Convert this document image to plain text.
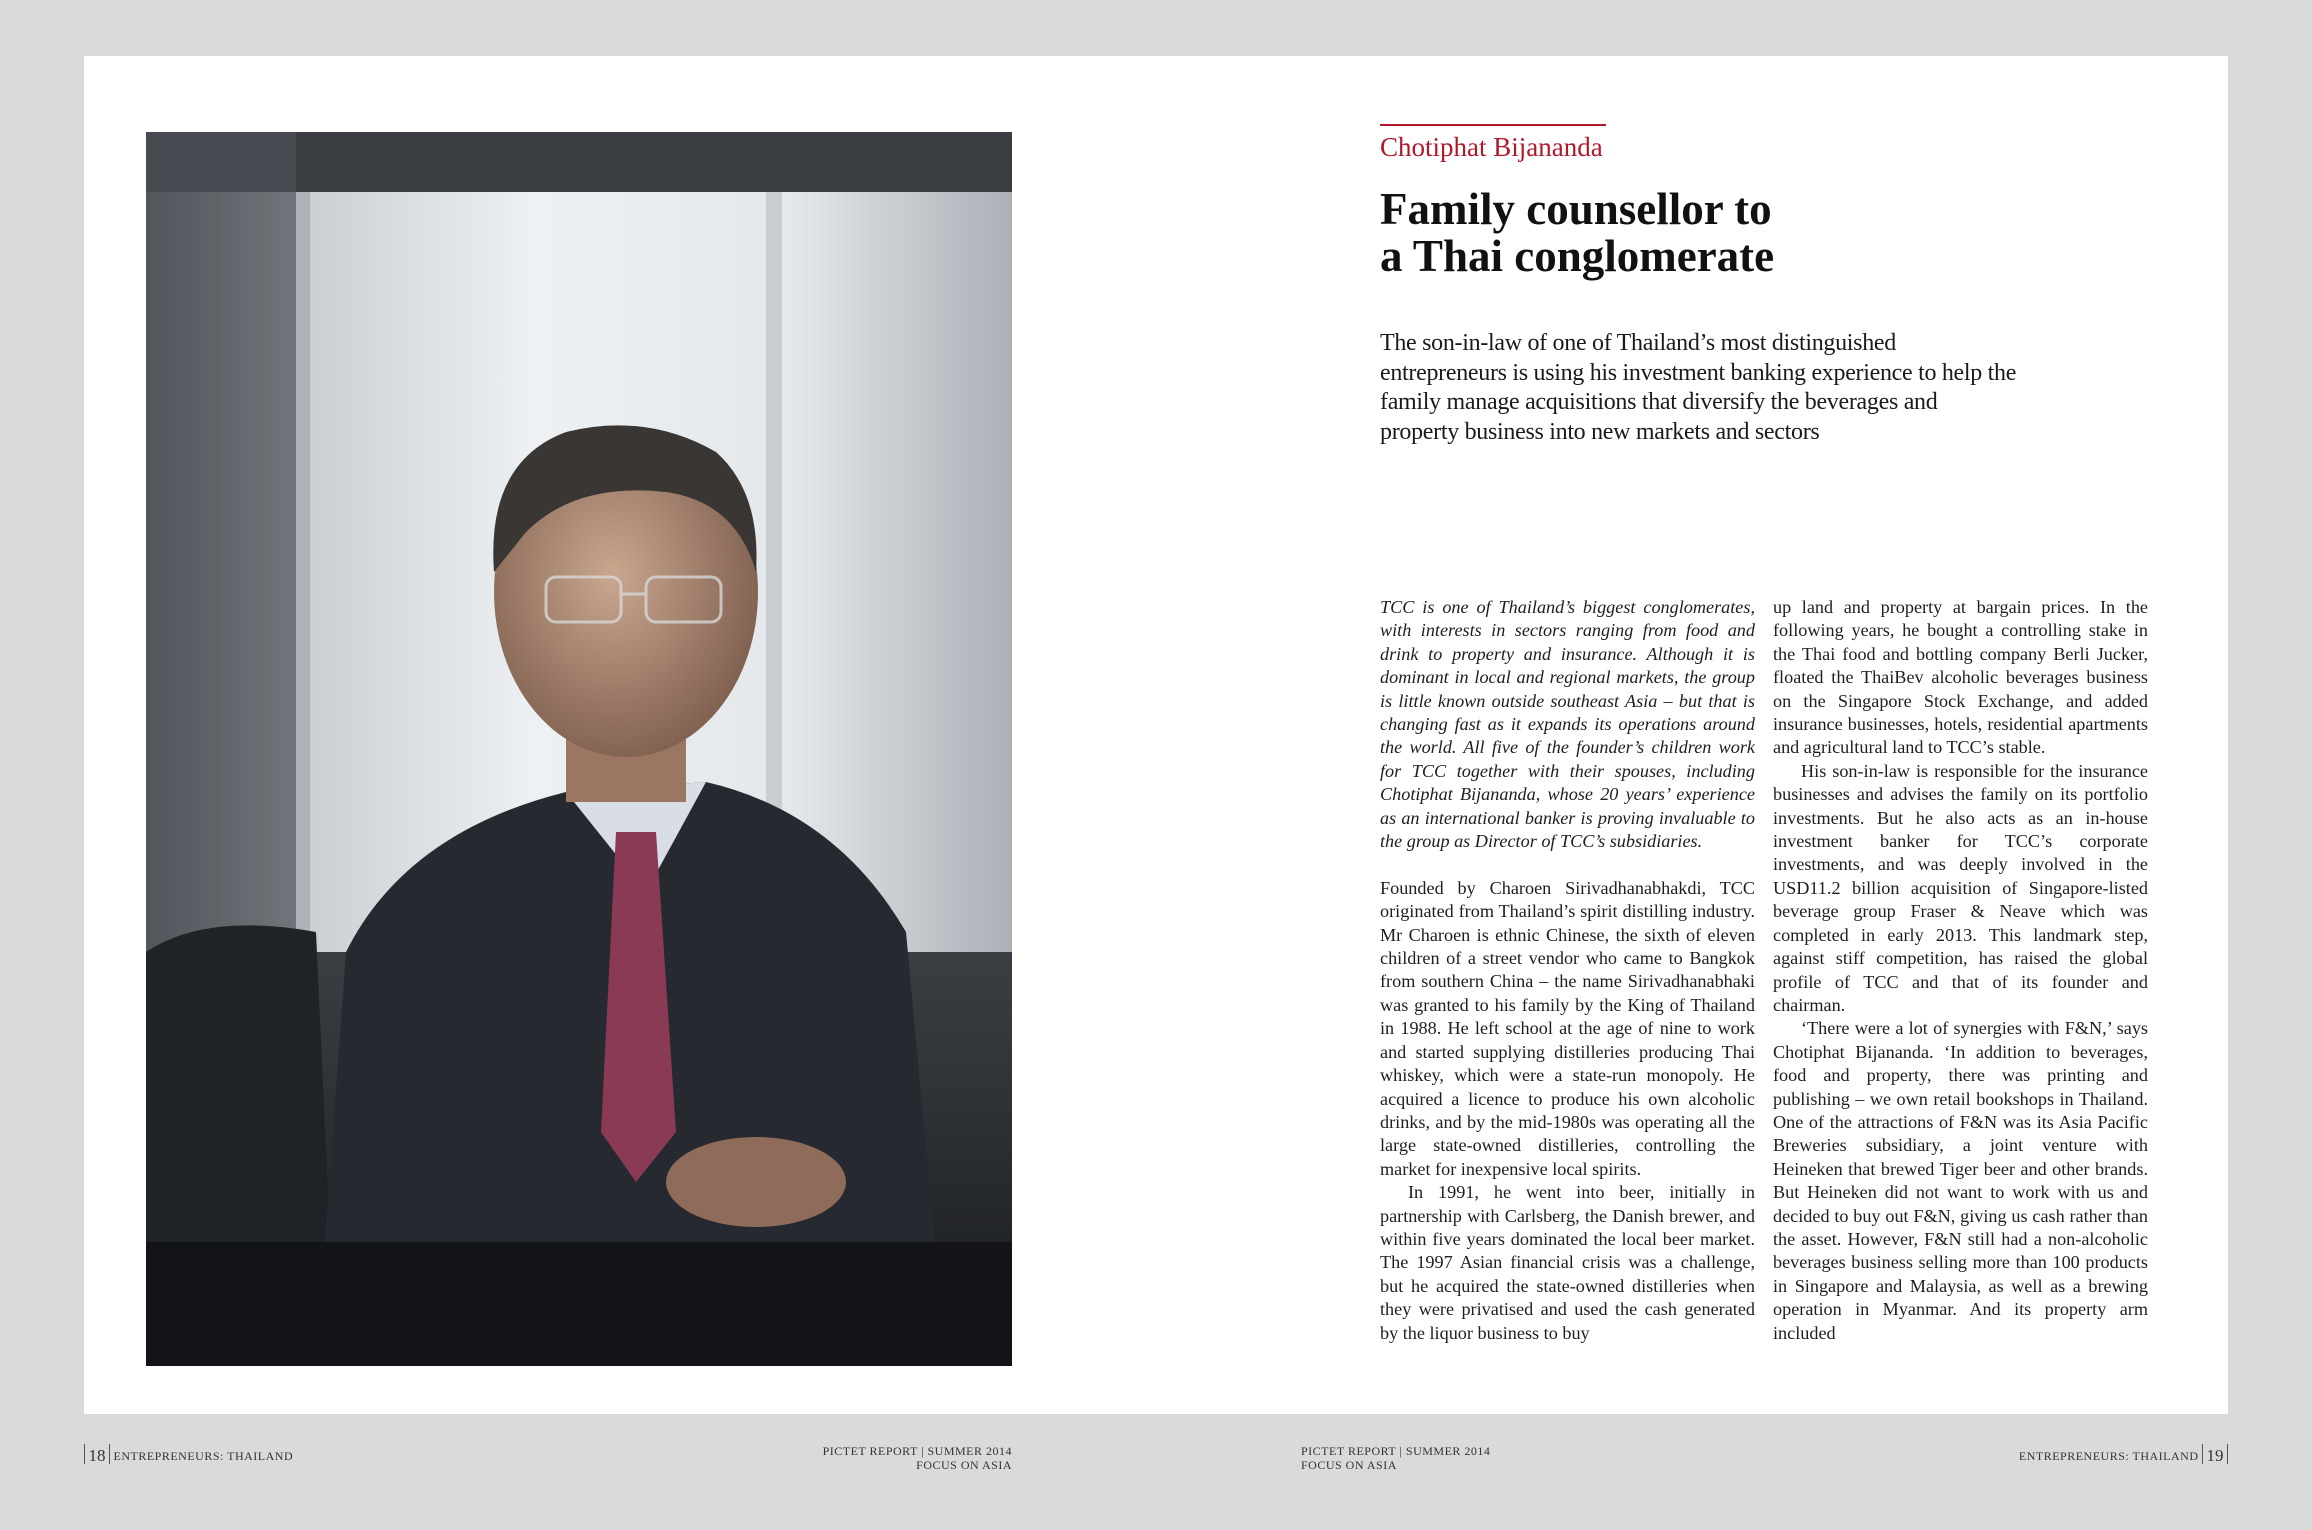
Chotiphat Bijananda
Family counsellor to
a Thai conglomerate
The son-in-law of one of Thailand’s most distinguished entrepreneurs is using his investment banking experience to help the family manage acquisitions that diversify the beverages and property business into new markets and sectors

TCC is one of Thailand’s biggest conglomerates, with interests in sectors ranging from food and drink to property and insurance. Although it is dominant in local and regional markets, the group is little known outside southeast Asia – but that is changing fast as it expands its operations around the world. All five of the founder’s children work for TCC together with their spouses, including Chotiphat Bijananda, whose 20 years’ experience as an international banker is proving invaluable to the group as Director of TCC’s subsidiaries.

Founded by Charoen Sirivadhanabhakdi, TCC originated from Thailand’s spirit distilling industry. Mr Charoen is ethnic Chinese, the sixth of eleven children of a street vendor who came to Bangkok from southern China – the name Sirivadhanabhaki was granted to his family by the King of Thailand in 1988. He left school at the age of nine to work and started supplying distilleries producing Thai whiskey, which were a state-run monopoly. He acquired a licence to produce his own alcoholic drinks, and by the mid-1980s was operating all the large state-owned distilleries, controlling the market for inexpensive local spirits.

In 1991, he went into beer, initially in partnership with Carlsberg, the Danish brewer, and within five years dominated the local beer market. The 1997 Asian financial crisis was a challenge, but he acquired the state-owned distilleries when they were privatised and used the cash generated by the liquor business to buy

up land and property at bargain prices. In the following years, he bought a controlling stake in the Thai food and bottling company Berli Jucker, floated the ThaiBev alcoholic beverages business on the Singapore Stock Exchange, and added insurance businesses, hotels, residential apartments and agricultural land to TCC’s stable.

His son-in-law is responsible for the insurance businesses and advises the family on its portfolio investments. But he also acts as an in-house investment banker for TCC’s corporate investments, and was deeply involved in the USD11.2 billion acquisition of Singapore-listed beverage group Fraser & Neave which was completed in early 2013. This landmark step, against stiff competition, has raised the global profile of TCC and that of its founder and chairman.

‘There were a lot of synergies with F&N,’ says Chotiphat Bijananda. ‘In addition to beverages, food and property, there was printing and publishing – we own retail bookshops in Thailand. One of the attractions of F&N was its Asia Pacific Breweries subsidiary, a joint venture with Heineken that brewed Tiger beer and other brands. But Heineken did not want to work with us and decided to buy out F&N, giving us cash rather than the asset. However, F&N still had a non-alcoholic beverages business selling more than 100 products in Singapore and Malaysia, as well as a brewing operation in Myanmar. And its property arm included

18 ENTREPRENEURS: THAILAND	PICTET REPORT | SUMMER 2014
FOCUS ON ASIA
PICTET REPORT | SUMMER 2014
FOCUS ON ASIA
ENTREPRENEURS: THAILAND 19
